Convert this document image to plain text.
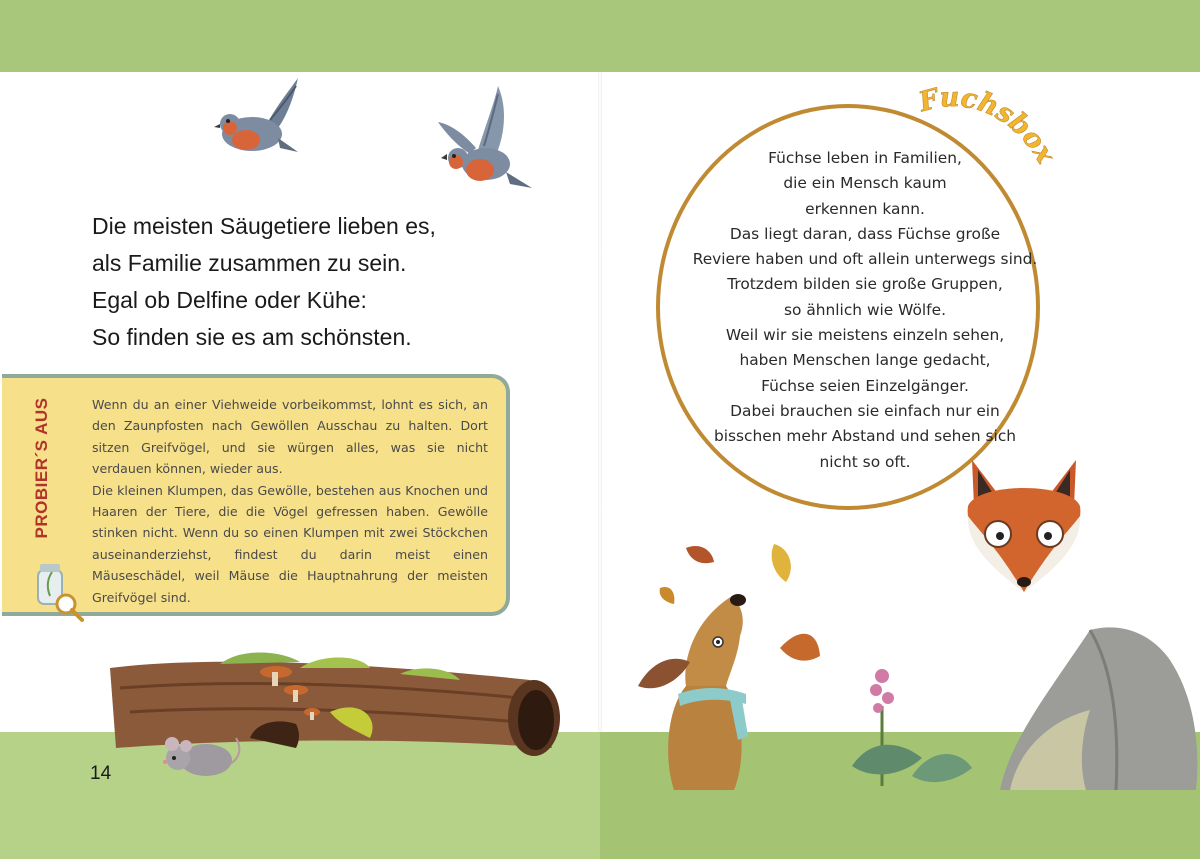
Die meisten Säugetiere lieben es,
als Familie zusammen zu sein.
Egal ob Delfine oder Kühe:
So finden sie es am schönsten.
PROBIER´S AUS	Wenn du an einer Viehweide vorbeikommst, lohnt es sich, an den Zaunpfosten nach Gewöllen Ausschau zu halten. Dort sitzen Greifvögel, und sie würgen alles, was sie nicht verdauen können, wieder aus.

Die kleinen Klumpen, das Gewölle, bestehen aus Knochen und Haaren der Tiere, die die Vögel gefressen haben. Gewölle stinken nicht. Wenn du so einen Klumpen mit zwei Stöckchen auseinanderziehst, findest du darin meist einen Mäuseschädel, weil Mäuse die Hauptnahrung der meisten Greifvögel sind.

14
Füchse leben in Familien,
die ein Mensch kaum
erkennen kann.
Das liegt daran, dass Füchse große
Reviere haben und oft allein unterwegs sind.
Trotzdem bilden sie große Gruppen,
so ähnlich wie Wölfe.
Weil wir sie meistens einzeln sehen,
haben Menschen lange gedacht,
Füchse seien Einzelgänger.
Dabei brauchen sie einfach nur ein
bisschen mehr Abstand und sehen sich
nicht so oft.
Fuchsbox
